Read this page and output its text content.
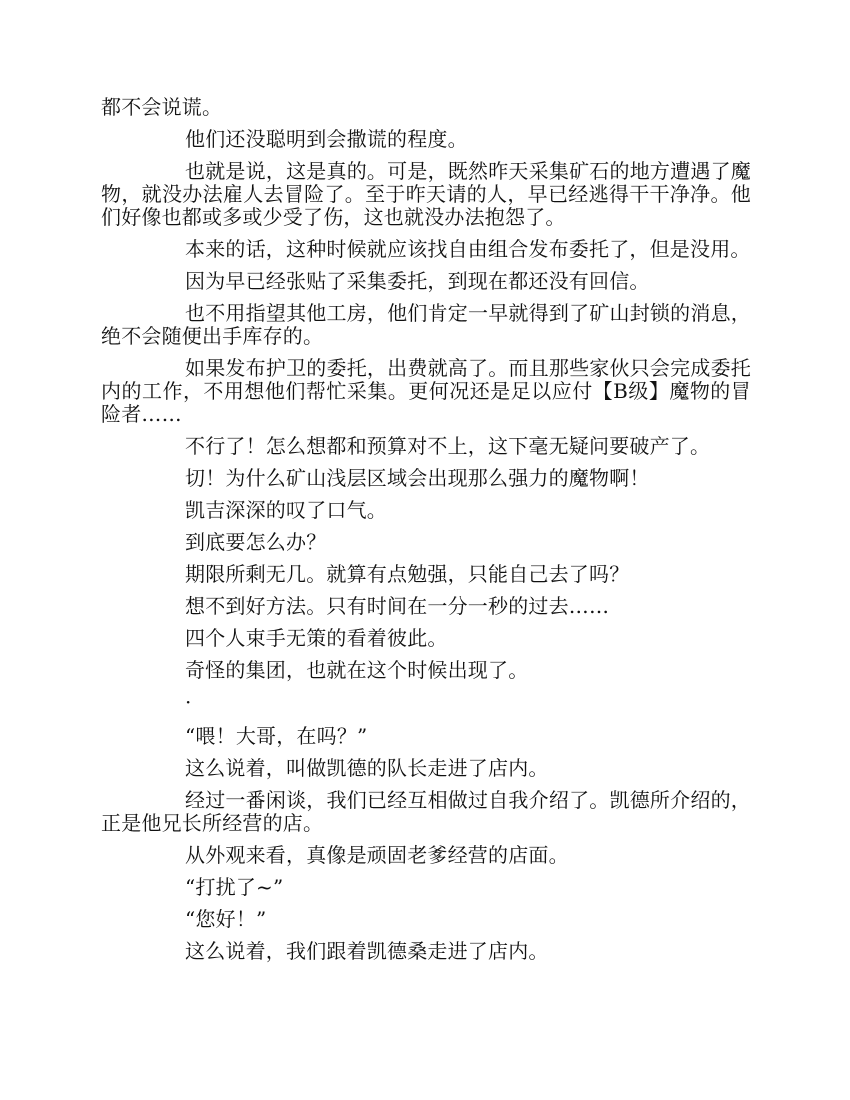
都不会说谎。

他们还没聪明到会撒谎的程度。

也就是说，这是真的。可是，既然昨天采集矿石的地方遭遇了魔物，就没办法雇人去冒险了。至于昨天请的人，早已经逃得干干净净。他们好像也都或多或少受了伤，这也就没办法抱怨了。

本来的话，这种时候就应该找自由组合发布委托了，但是没用。

因为早已经张贴了采集委托，到现在都还没有回信。

也不用指望其他工房，他们肯定一早就得到了矿山封锁的消息，绝不会随便出手库存的。

如果发布护卫的委托，出费就高了。而且那些家伙只会完成委托内的工作，不用想他们帮忙采集。更何况还是足以应付【B级】魔物的冒险者……

不行了！怎么想都和预算对不上，这下毫无疑问要破产了。

切！为什么矿山浅层区域会出现那么强力的魔物啊！

凯吉深深的叹了口气。

到底要怎么办？

期限所剩无几。就算有点勉强，只能自己去了吗？

想不到好方法。只有时间在一分一秒的过去……

四个人束手无策的看着彼此。

奇怪的集团，也就在这个时候出现了。

·

“喂！大哥，在吗？”

这么说着，叫做凯德的队长走进了店内。

经过一番闲谈，我们已经互相做过自我介绍了。凯德所介绍的，正是他兄长所经营的店。

从外观来看，真像是顽固老爹经营的店面。

“打扰了~”

“您好！”

这么说着，我们跟着凯德桑走进了店内。
